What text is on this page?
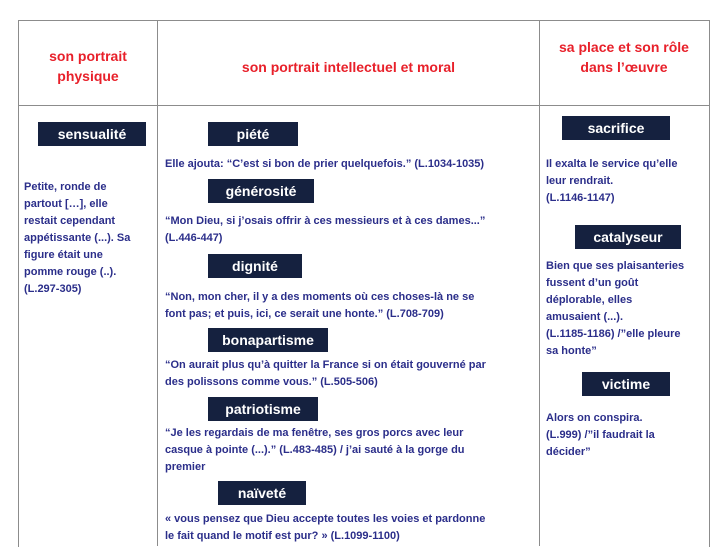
son portrait
physique
son portrait intellectuel et moral
sa place et son rôle
dans l’œuvre
sensualité
Petite, ronde de
partout […], elle
restait cependant
appétissante (...). Sa
figure était une
pomme rouge (..).
(L.297-305)
piété
Elle ajouta: “C’est si bon de prier quelquefois.” (L.1034-1035)
générosité
“Mon Dieu, si j’osais offrir à ces messieurs et à ces dames...”
(L.446-447)
dignité
“Non, mon cher, il y a des moments où ces choses-là ne se
font pas; et puis, ici, ce serait une honte.” (L.708-709)
bonapartisme
“On aurait plus qu’à quitter la France si on était gouverné par
des polissons comme vous.” (L.505-506)
patriotisme
“Je les regardais de ma fenêtre, ses gros porcs avec leur
casque à pointe (...).” (L.483-485) / j’ai sauté à la gorge du
premier
naïveté
« vous pensez que Dieu accepte toutes les voies et pardonne
le fait quand le motif est pur? » (L.1099-1100)
sacrifice
Il exalta le service qu’elle
leur rendrait.
(L.1146-1147)
catalyseur
Bien que ses plaisanteries
fussent d’un goût
déplorable, elles
amusaient (...).
(L.1185-1186) /”elle pleure
sa honte”
victime
Alors on conspira.
(L.999) /”il faudrait la
décider”
